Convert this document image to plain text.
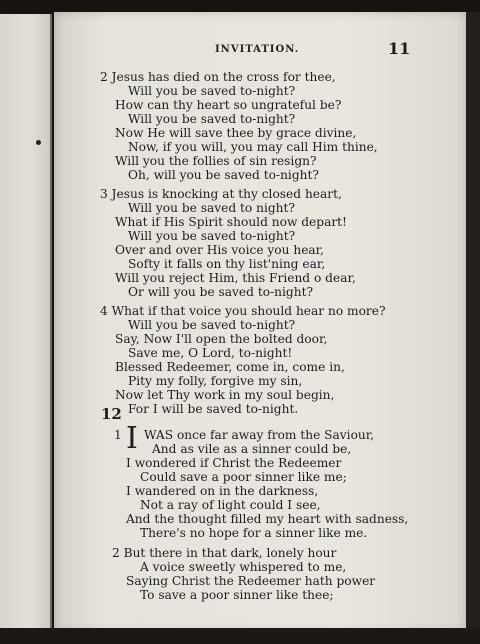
INVITATION.	11
2 Jesus has died on the cross for thee,
Will you be saved to-night?
How can thy heart so ungrateful be?
Will you be saved to-night?
Now He will save thee by grace divine,
Now, if you will, you may call Him thine,
Will you the follies of sin resign?
Oh, will you be saved to-night?
3 Jesus is knocking at thy closed heart,
Will you be saved to night?
What if His Spirit should now depart!
Will you be saved to-night?
Over and over His voice you hear,
Softy it falls on thy list'ning ear,
Will you reject Him, this Friend o dear,
Or will you be saved to-night?
4 What if that voice you should hear no more?
Will you be saved to-night?
Say, Now I'll open the bolted door,
Save me, O Lord, to-night!
Blessed Redeemer, come in, come in,
Pity my folly, forgive my sin,
Now let Thy work in my soul begin,
For I will be saved to-night.
12
1 I WAS once far away from the Saviour,
And as vile as a sinner could be,
I wondered if Christ the Redeemer
Could save a poor sinner like me;
I wandered on in the darkness,
Not a ray of light could I see,
And the thought filled my heart with sadness,
There's no hope for a sinner like me.
2 But there in that dark, lonely hour
A voice sweetly whispered to me,
Saying Christ the Redeemer hath power
To save a poor sinner like thee;
